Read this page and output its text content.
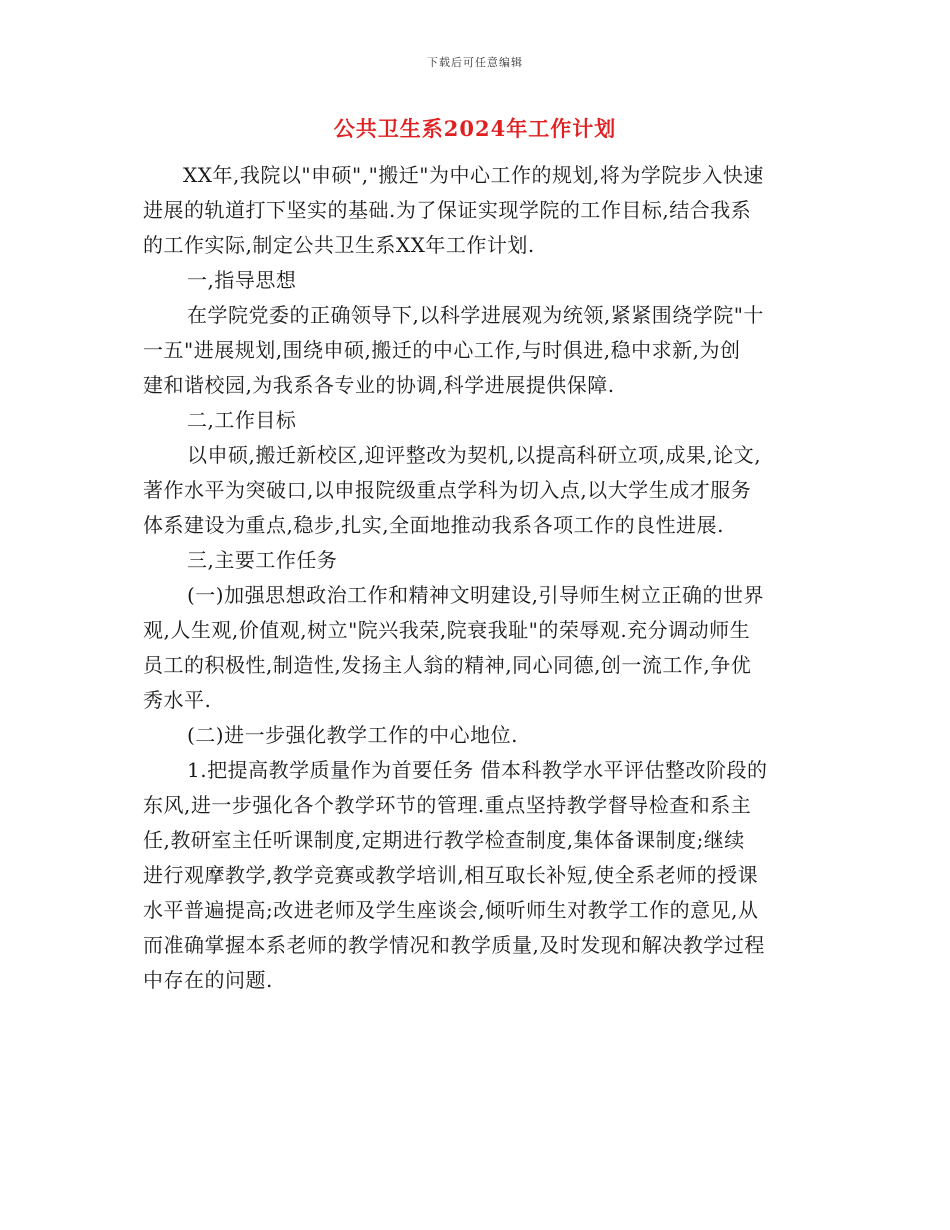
下载后可任意编辑
公共卫生系2024年工作计划
XX年,我院以"申硕","搬迁"为中心工作的规划,将为学院步入快速
进展的轨道打下坚实的基础.为了保证实现学院的工作目标,结合我系
的工作实际,制定公共卫生系XX年工作计划.
一,指导思想
在学院党委的正确领导下,以科学进展观为统领,紧紧围绕学院"十
一五"进展规划,围绕申硕,搬迁的中心工作,与时俱进,稳中求新,为创
建和谐校园,为我系各专业的协调,科学进展提供保障.
二,工作目标
以申硕,搬迁新校区,迎评整改为契机,以提高科研立项,成果,论文,
著作水平为突破口,以申报院级重点学科为切入点,以大学生成才服务
体系建设为重点,稳步,扎实,全面地推动我系各项工作的良性进展.
三,主要工作任务
(一)加强思想政治工作和精神文明建设,引导师生树立正确的世界
观,人生观,价值观,树立"院兴我荣,院衰我耻"的荣辱观.充分调动师生
员工的积极性,制造性,发扬主人翁的精神,同心同德,创一流工作,争优
秀水平.
(二)进一步强化教学工作的中心地位.
1.把提高教学质量作为首要任务 借本科教学水平评估整改阶段的
东风,进一步强化各个教学环节的管理.重点坚持教学督导检查和系主
任,教研室主任听课制度,定期进行教学检查制度,集体备课制度;继续
进行观摩教学,教学竞赛或教学培训,相互取长补短,使全系老师的授课
水平普遍提高;改进老师及学生座谈会,倾听师生对教学工作的意见,从
而准确掌握本系老师的教学情况和教学质量,及时发现和解决教学过程
中存在的问题.
